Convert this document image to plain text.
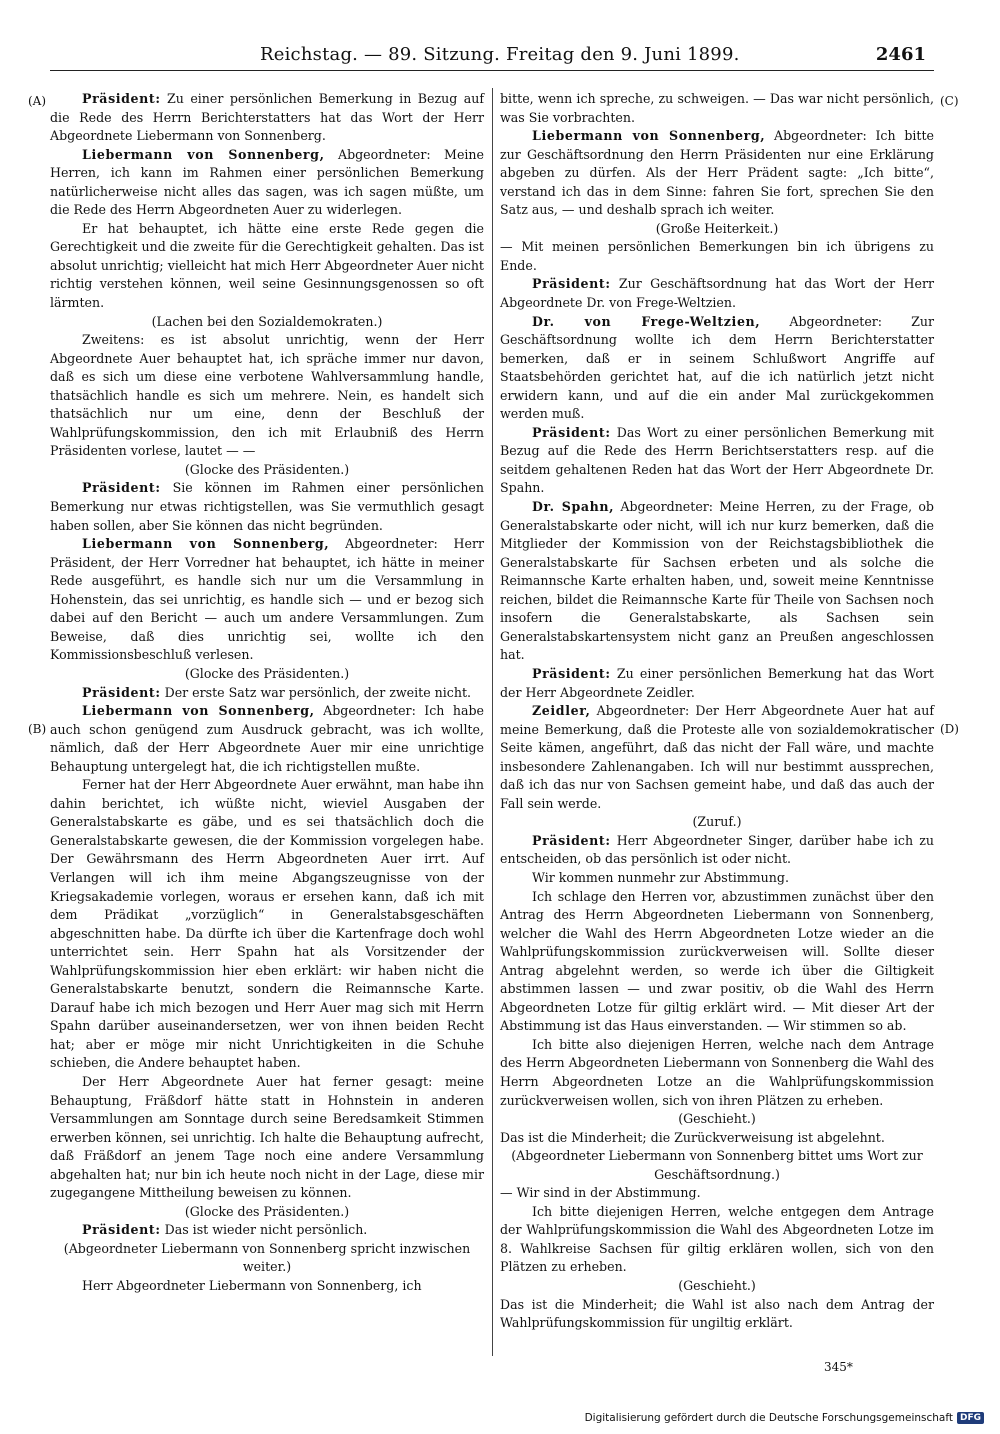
Reichstag. — 89. Sitzung. Freitag den 9. Juni 1899.	2461
(A)
(B)
(C)
(D)

Präsident: Zu einer persönlichen Bemerkung in Bezug auf die Rede des Herrn Berichterstatters hat das Wort der Herr Abgeordnete Liebermann von Sonnenberg.

Liebermann von Sonnenberg, Abgeordneter: Meine Herren, ich kann im Rahmen einer persönlichen Bemerkung natürlicherweise nicht alles das sagen, was ich sagen müßte, um die Rede des Herrn Abgeordneten Auer zu widerlegen.

Er hat behauptet, ich hätte eine erste Rede gegen die Gerechtigkeit und die zweite für die Gerechtigkeit gehalten. Das ist absolut unrichtig; vielleicht hat mich Herr Abgeordneter Auer nicht richtig verstehen können, weil seine Gesinnungsgenossen so oft lärmten.

(Lachen bei den Sozialdemokraten.)

Zweitens: es ist absolut unrichtig, wenn der Herr Abgeordnete Auer behauptet hat, ich spräche immer nur davon, daß es sich um diese eine verbotene Wahlversammlung handle, thatsächlich handle es sich um mehrere. Nein, es handelt sich thatsächlich nur um eine, denn der Beschluß der Wahlprüfungskommission, den ich mit Erlaubniß des Herrn Präsidenten vorlese, lautet — —

(Glocke des Präsidenten.)

Präsident: Sie können im Rahmen einer persönlichen Bemerkung nur etwas richtigstellen, was Sie vermuthlich gesagt haben sollen, aber Sie können das nicht begründen.

Liebermann von Sonnenberg, Abgeordneter: Herr Präsident, der Herr Vorredner hat behauptet, ich hätte in meiner Rede ausgeführt, es handle sich nur um die Versammlung in Hohenstein, das sei unrichtig, es handle sich — und er bezog sich dabei auf den Bericht — auch um andere Versammlungen. Zum Beweise, daß dies unrichtig sei, wollte ich den Kommissionsbeschluß verlesen.

(Glocke des Präsidenten.)

Präsident: Der erste Satz war persönlich, der zweite nicht.

Liebermann von Sonnenberg, Abgeordneter: Ich habe auch schon genügend zum Ausdruck gebracht, was ich wollte, nämlich, daß der Herr Abgeordnete Auer mir eine unrichtige Behauptung untergelegt hat, die ich richtigstellen mußte.

Ferner hat der Herr Abgeordnete Auer erwähnt, man habe ihn dahin berichtet, ich wüßte nicht, wieviel Ausgaben der Generalstabskarte es gäbe, und es sei thatsächlich doch die Generalstabskarte gewesen, die der Kommission vorgelegen habe. Der Gewährsmann des Herrn Abgeordneten Auer irrt. Auf Verlangen will ich ihm meine Abgangszeugnisse von der Kriegsakademie vorlegen, woraus er ersehen kann, daß ich mit dem Prädikat „vorzüglich“ in Generalstabsgeschäften abgeschnitten habe. Da dürfte ich über die Kartenfrage doch wohl unterrichtet sein. Herr Spahn hat als Vorsitzender der Wahlprüfungskommission hier eben erklärt: wir haben nicht die Generalstabskarte benutzt, sondern die Reimannsche Karte. Darauf habe ich mich bezogen und Herr Auer mag sich mit Herrn Spahn darüber auseinandersetzen, wer von ihnen beiden Recht hat; aber er möge mir nicht Unrichtigkeiten in die Schuhe schieben, die Andere behauptet haben.

Der Herr Abgeordnete Auer hat ferner gesagt: meine Behauptung, Fräßdorf hätte statt in Hohnstein in anderen Versammlungen am Sonntage durch seine Beredsamkeit Stimmen erwerben können, sei unrichtig. Ich halte die Behauptung aufrecht, daß Fräßdorf an jenem Tage noch eine andere Versammlung abgehalten hat; nur bin ich heute noch nicht in der Lage, diese mir zugegangene Mittheilung beweisen zu können.

(Glocke des Präsidenten.)

Präsident: Das ist wieder nicht persönlich.

(Abgeordneter Liebermann von Sonnenberg spricht inzwischen weiter.)

Herr Abgeordneter Liebermann von Sonnenberg, ich

bitte, wenn ich spreche, zu schweigen. — Das war nicht persönlich, was Sie vorbrachten.

Liebermann von Sonnenberg, Abgeordneter: Ich bitte zur Geschäftsordnung den Herrn Präsidenten nur eine Erklärung abgeben zu dürfen. Als der Herr Prädent sagte: „Ich bitte“, verstand ich das in dem Sinne: fahren Sie fort, sprechen Sie den Satz aus, — und deshalb sprach ich weiter.

(Große Heiterkeit.)

— Mit meinen persönlichen Bemerkungen bin ich übrigens zu Ende.

Präsident: Zur Geschäftsordnung hat das Wort der Herr Abgeordnete Dr. von Frege-Weltzien.

Dr. von Frege-Weltzien, Abgeordneter: Zur Geschäftsordnung wollte ich dem Herrn Berichterstatter bemerken, daß er in seinem Schlußwort Angriffe auf Staatsbehörden gerichtet hat, auf die ich natürlich jetzt nicht erwidern kann, und auf die ein ander Mal zurückgekommen werden muß.

Präsident: Das Wort zu einer persönlichen Bemerkung mit Bezug auf die Rede des Herrn Berichtserstatters resp. auf die seitdem gehaltenen Reden hat das Wort der Herr Abgeordnete Dr. Spahn.

Dr. Spahn, Abgeordneter: Meine Herren, zu der Frage, ob Generalstabskarte oder nicht, will ich nur kurz bemerken, daß die Mitglieder der Kommission von der Reichstagsbibliothek die Generalstabskarte für Sachsen erbeten und als solche die Reimannsche Karte erhalten haben, und, soweit meine Kenntnisse reichen, bildet die Reimannsche Karte für Theile von Sachsen noch insofern die Generalstabskarte, als Sachsen sein Generalstabskartensystem nicht ganz an Preußen angeschlossen hat.

Präsident: Zu einer persönlichen Bemerkung hat das Wort der Herr Abgeordnete Zeidler.

Zeidler, Abgeordneter: Der Herr Abgeordnete Auer hat auf meine Bemerkung, daß die Proteste alle von sozialdemokratischer Seite kämen, angeführt, daß das nicht der Fall wäre, und machte insbesondere Zahlenangaben. Ich will nur bestimmt aussprechen, daß ich das nur von Sachsen gemeint habe, und daß das auch der Fall sein werde.

(Zuruf.)

Präsident: Herr Abgeordneter Singer, darüber habe ich zu entscheiden, ob das persönlich ist oder nicht.

Wir kommen nunmehr zur Abstimmung.

Ich schlage den Herren vor, abzustimmen zunächst über den Antrag des Herrn Abgeordneten Liebermann von Sonnenberg, welcher die Wahl des Herrn Abgeordneten Lotze wieder an die Wahlprüfungskommission zurückverweisen will. Sollte dieser Antrag abgelehnt werden, so werde ich über die Giltigkeit abstimmen lassen — und zwar positiv, ob die Wahl des Herrn Abgeordneten Lotze für giltig erklärt wird. — Mit dieser Art der Abstimmung ist das Haus einverstanden. — Wir stimmen so ab.

Ich bitte also diejenigen Herren, welche nach dem Antrage des Herrn Abgeordneten Liebermann von Sonnenberg die Wahl des Herrn Abgeordneten Lotze an die Wahlprüfungskommission zurückverweisen wollen, sich von ihren Plätzen zu erheben.

(Geschieht.)

Das ist die Minderheit; die Zurückverweisung ist abgelehnt.

(Abgeordneter Liebermann von Sonnenberg bittet ums Wort zur Geschäftsordnung.)

— Wir sind in der Abstimmung.

Ich bitte diejenigen Herren, welche entgegen dem Antrage der Wahlprüfungskommission die Wahl des Abgeordneten Lotze im 8. Wahlkreise Sachsen für giltig erklären wollen, sich von den Plätzen zu erheben.

(Geschieht.)

Das ist die Minderheit; die Wahl ist also nach dem Antrag der Wahlprüfungskommission für ungiltig erklärt.

345*
Digitalisierung gefördert durch die Deutsche Forschungsgemeinschaft DFG
